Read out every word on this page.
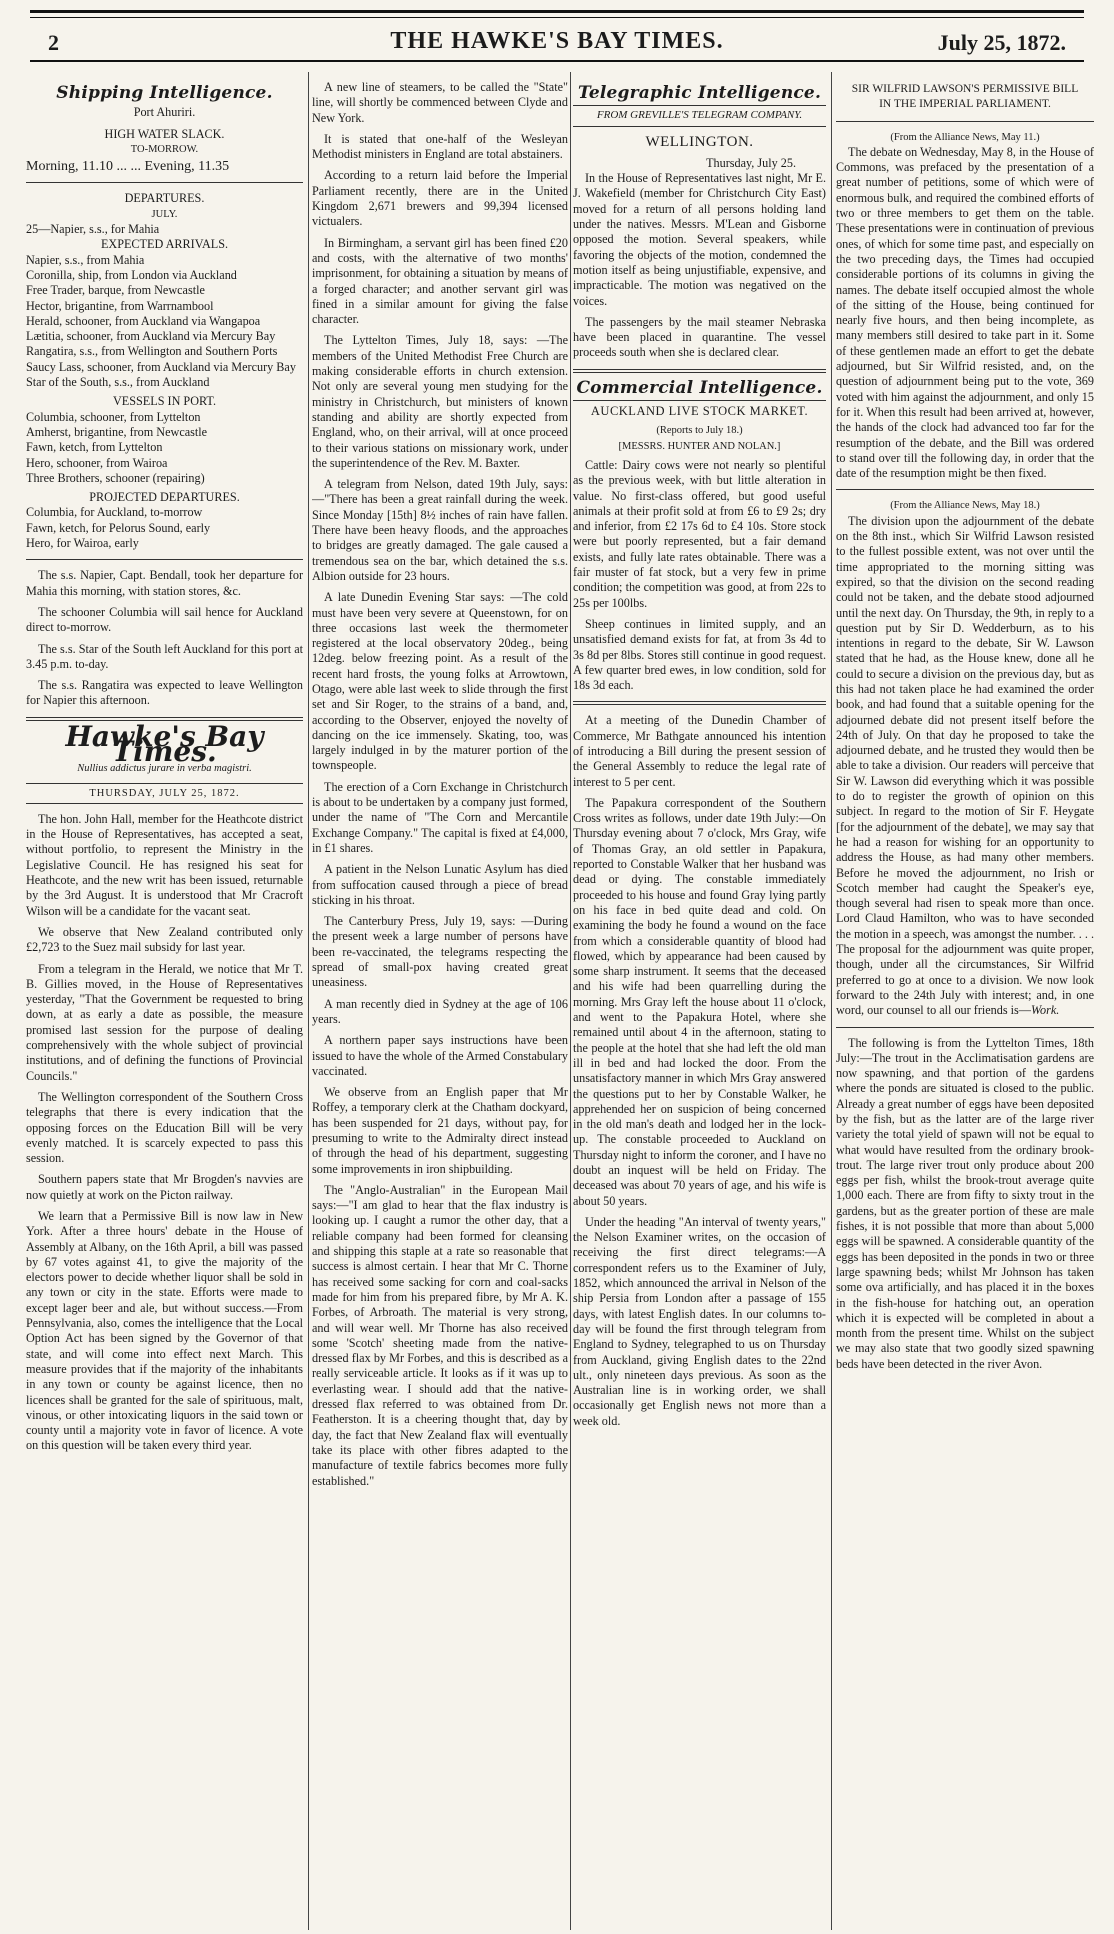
2	THE HAWKE'S BAY TIMES.	July 25, 1872.
Shipping Intelligence.
Port Ahuriri.
HIGH WATER SLACK.
TO-MORROW.
Morning, 11.10 ... ... Evening, 11.35
DEPARTURES.
JULY.
25—Napier, s.s., for Mahia
EXPECTED ARRIVALS.

Napier, s.s., from Mahia

Coronilla, ship, from London via Auckland

Free Trader, barque, from Newcastle

Hector, brigantine, from Warrnambool

Herald, schooner, from Auckland via Wangapoa

Lætitia, schooner, from Auckland via Mercury Bay

Rangatira, s.s., from Wellington and Southern Ports

Saucy Lass, schooner, from Auckland via Mercury Bay

Star of the South, s.s., from Auckland

VESSELS IN PORT.

Columbia, schooner, from Lyttelton

Amherst, brigantine, from Newcastle

Fawn, ketch, from Lyttelton

Hero, schooner, from Wairoa

Three Brothers, schooner (repairing)

PROJECTED DEPARTURES.

Columbia, for Auckland, to-morrow

Fawn, ketch, for Pelorus Sound, early

Hero, for Wairoa, early

The s.s. Napier, Capt. Bendall, took her departure for Mahia this morning, with station stores, &c.

The schooner Columbia will sail hence for Auckland direct to-morrow.

The s.s. Star of the South left Auckland for this port at 3.45 p.m. to-day.

The s.s. Rangatira was expected to leave Wellington for Napier this afternoon.

Hawke's Bay Times.
Nullius addictus jurare in verba magistri.
THURSDAY, JULY 25, 1872.

The hon. John Hall, member for the Heathcote district in the House of Representatives, has accepted a seat, without portfolio, to represent the Ministry in the Legislative Council. He has resigned his seat for Heathcote, and the new writ has been issued, returnable by the 3rd August. It is understood that Mr Cracroft Wilson will be a candidate for the vacant seat.

We observe that New Zealand contributed only £2,723 to the Suez mail subsidy for last year.

From a telegram in the Herald, we notice that Mr T. B. Gillies moved, in the House of Representatives yesterday, "That the Government be requested to bring down, at as early a date as possible, the measure promised last session for the purpose of dealing comprehensively with the whole subject of provincial institutions, and of defining the functions of Provincial Councils."

The Wellington correspondent of the Southern Cross telegraphs that there is every indication that the opposing forces on the Education Bill will be very evenly matched. It is scarcely expected to pass this session.

Southern papers state that Mr Brogden's navvies are now quietly at work on the Picton railway.

We learn that a Permissive Bill is now law in New York. After a three hours' debate in the House of Assembly at Albany, on the 16th April, a bill was passed by 67 votes against 41, to give the majority of the electors power to decide whether liquor shall be sold in any town or city in the state. Efforts were made to except lager beer and ale, but without success.—From Pennsylvania, also, comes the intelligence that the Local Option Act has been signed by the Governor of that state, and will come into effect next March. This measure provides that if the majority of the inhabitants in any town or county be against licence, then no licences shall be granted for the sale of spirituous, malt, vinous, or other intoxicating liquors in the said town or county until a majority vote in favor of licence. A vote on this question will be taken every third year.

A new line of steamers, to be called the "State" line, will shortly be commenced between Clyde and New York.

It is stated that one-half of the Wesleyan Methodist ministers in England are total abstainers.

According to a return laid before the Imperial Parliament recently, there are in the United Kingdom 2,671 brewers and 99,394 licensed victualers.

In Birmingham, a servant girl has been fined £20 and costs, with the alternative of two months' imprisonment, for obtaining a situation by means of a forged character; and another servant girl was fined in a similar amount for giving the false character.

The Lyttelton Times, July 18, says: —The members of the United Methodist Free Church are making considerable efforts in church extension. Not only are several young men studying for the ministry in Christchurch, but ministers of known standing and ability are shortly expected from England, who, on their arrival, will at once proceed to their various stations on missionary work, under the superintendence of the Rev. M. Baxter.

A telegram from Nelson, dated 19th July, says:—"There has been a great rainfall during the week. Since Monday [15th] 8½ inches of rain have fallen. There have been heavy floods, and the approaches to bridges are greatly damaged. The gale caused a tremendous sea on the bar, which detained the s.s. Albion outside for 23 hours.

A late Dunedin Evening Star says: —The cold must have been very severe at Queenstown, for on three occasions last week the thermometer registered at the local observatory 20deg., being 12deg. below freezing point. As a result of the recent hard frosts, the young folks at Arrowtown, Otago, were able last week to slide through the first set and Sir Roger, to the strains of a band, and, according to the Observer, enjoyed the novelty of dancing on the ice immensely. Skating, too, was largely indulged in by the maturer portion of the townspeople.

The erection of a Corn Exchange in Christchurch is about to be undertaken by a company just formed, under the name of "The Corn and Mercantile Exchange Company." The capital is fixed at £4,000, in £1 shares.

A patient in the Nelson Lunatic Asylum has died from suffocation caused through a piece of bread sticking in his throat.

The Canterbury Press, July 19, says: —During the present week a large number of persons have been re-vaccinated, the telegrams respecting the spread of small-pox having created great uneasiness.

A man recently died in Sydney at the age of 106 years.

A northern paper says instructions have been issued to have the whole of the Armed Constabulary vaccinated.

We observe from an English paper that Mr Roffey, a temporary clerk at the Chatham dockyard, has been suspended for 21 days, without pay, for presuming to write to the Admiralty direct instead of through the head of his department, suggesting some improvements in iron shipbuilding.

The "Anglo-Australian" in the European Mail says:—"I am glad to hear that the flax industry is looking up. I caught a rumor the other day, that a reliable company had been formed for cleansing and shipping this staple at a rate so reasonable that success is almost certain. I hear that Mr C. Thorne has received some sacking for corn and coal-sacks made for him from his prepared fibre, by Mr A. K. Forbes, of Arbroath. The material is very strong, and will wear well. Mr Thorne has also received some 'Scotch' sheeting made from the native-dressed flax by Mr Forbes, and this is described as a really serviceable article. It looks as if it was up to everlasting wear. I should add that the native-dressed flax referred to was obtained from Dr. Featherston. It is a cheering thought that, day by day, the fact that New Zealand flax will eventually take its place with other fibres adapted to the manufacture of textile fabrics becomes more fully established."

Telegraphic Intelligence.
FROM GREVILLE'S TELEGRAM COMPANY.
WELLINGTON.
Thursday, July 25.

In the House of Representatives last night, Mr E. J. Wakefield (member for Christchurch City East) moved for a return of all persons holding land under the natives. Messrs. M'Lean and Gisborne opposed the motion. Several speakers, while favoring the objects of the motion, condemned the motion itself as being unjustifiable, expensive, and impracticable. The motion was negatived on the voices.

The passengers by the mail steamer Nebraska have been placed in quarantine. The vessel proceeds south when she is declared clear.

Commercial Intelligence.
AUCKLAND LIVE STOCK MARKET.
(Reports to July 18.)
[MESSRS. HUNTER AND NOLAN.]

Cattle: Dairy cows were not nearly so plentiful as the previous week, with but little alteration in value. No first-class offered, but good useful animals at their profit sold at from £6 to £9 2s; dry and inferior, from £2 17s 6d to £4 10s. Store stock were but poorly represented, but a fair demand exists, and fully late rates obtainable. There was a fair muster of fat stock, but a very few in prime condition; the competition was good, at from 22s to 25s per 100lbs.

Sheep continues in limited supply, and an unsatisfied demand exists for fat, at from 3s 4d to 3s 8d per 8lbs. Stores still continue in good request. A few quarter bred ewes, in low condition, sold for 18s 3d each.

At a meeting of the Dunedin Chamber of Commerce, Mr Bathgate announced his intention of introducing a Bill during the present session of the General Assembly to reduce the legal rate of interest to 5 per cent.

The Papakura correspondent of the Southern Cross writes as follows, under date 19th July:—On Thursday evening about 7 o'clock, Mrs Gray, wife of Thomas Gray, an old settler in Papakura, reported to Constable Walker that her husband was dead or dying. The constable immediately proceeded to his house and found Gray lying partly on his face in bed quite dead and cold. On examining the body he found a wound on the face from which a considerable quantity of blood had flowed, which by appearance had been caused by some sharp instrument. It seems that the deceased and his wife had been quarrelling during the morning. Mrs Gray left the house about 11 o'clock, and went to the Papakura Hotel, where she remained until about 4 in the afternoon, stating to the people at the hotel that she had left the old man ill in bed and had locked the door. From the unsatisfactory manner in which Mrs Gray answered the questions put to her by Constable Walker, he apprehended her on suspicion of being concerned in the old man's death and lodged her in the lock-up. The constable proceeded to Auckland on Thursday night to inform the coroner, and I have no doubt an inquest will be held on Friday. The deceased was about 70 years of age, and his wife is about 50 years.

Under the heading "An interval of twenty years," the Nelson Examiner writes, on the occasion of receiving the first direct telegrams:—A correspondent refers us to the Examiner of July, 1852, which announced the arrival in Nelson of the ship Persia from London after a passage of 155 days, with latest English dates. In our columns to-day will be found the first through telegram from England to Sydney, telegraphed to us on Thursday from Auckland, giving English dates to the 22nd ult., only nineteen days previous. As soon as the Australian line is in working order, we shall occasionally get English news not more than a week old.

SIR WILFRID LAWSON'S PERMISSIVE BILL
IN THE IMPERIAL PARLIAMENT.
(From the Alliance News, May 11.)

The debate on Wednesday, May 8, in the House of Commons, was prefaced by the presentation of a great number of petitions, some of which were of enormous bulk, and required the combined efforts of two or three members to get them on the table. These presentations were in continuation of previous ones, of which for some time past, and especially on the two preceding days, the Times had occupied considerable portions of its columns in giving the names. The debate itself occupied almost the whole of the sitting of the House, being continued for nearly five hours, and then being incomplete, as many members still desired to take part in it. Some of these gentlemen made an effort to get the debate adjourned, but Sir Wilfrid resisted, and, on the question of adjournment being put to the vote, 369 voted with him against the adjournment, and only 15 for it. When this result had been arrived at, however, the hands of the clock had advanced too far for the resumption of the debate, and the Bill was ordered to stand over till the following day, in order that the date of the resumption might be then fixed.

(From the Alliance News, May 18.)

The division upon the adjournment of the debate on the 8th inst., which Sir Wilfrid Lawson resisted to the fullest possible extent, was not over until the time appropriated to the morning sitting was expired, so that the division on the second reading could not be taken, and the debate stood adjourned until the next day. On Thursday, the 9th, in reply to a question put by Sir D. Wedderburn, as to his intentions in regard to the debate, Sir W. Lawson stated that he had, as the House knew, done all he could to secure a division on the previous day, but as this had not taken place he had examined the order book, and had found that a suitable opening for the adjourned debate did not present itself before the 24th of July. On that day he proposed to take the adjourned debate, and he trusted they would then be able to take a division. Our readers will perceive that Sir W. Lawson did everything which it was possible to do to register the growth of opinion on this subject. In regard to the motion of Sir F. Heygate [for the adjournment of the debate], we may say that he had a reason for wishing for an opportunity to address the House, as had many other members. Before he moved the adjournment, no Irish or Scotch member had caught the Speaker's eye, though several had risen to speak more than once. Lord Claud Hamilton, who was to have seconded the motion in a speech, was amongst the number. . . . The proposal for the adjournment was quite proper, though, under all the circumstances, Sir Wilfrid preferred to go at once to a division. We now look forward to the 24th July with interest; and, in one word, our counsel to all our friends is—Work.

The following is from the Lyttelton Times, 18th July:—The trout in the Acclimatisation gardens are now spawning, and that portion of the gardens where the ponds are situated is closed to the public. Already a great number of eggs have been deposited by the fish, but as the latter are of the large river variety the total yield of spawn will not be equal to what would have resulted from the ordinary brook-trout. The large river trout only produce about 200 eggs per fish, whilst the brook-trout average quite 1,000 each. There are from fifty to sixty trout in the gardens, but as the greater portion of these are male fishes, it is not possible that more than about 5,000 eggs will be spawned. A considerable quantity of the eggs has been deposited in the ponds in two or three large spawning beds; whilst Mr Johnson has taken some ova artificially, and has placed it in the boxes in the fish-house for hatching out, an operation which it is expected will be completed in about a month from the present time. Whilst on the subject we may also state that two goodly sized spawning beds have been detected in the river Avon.
